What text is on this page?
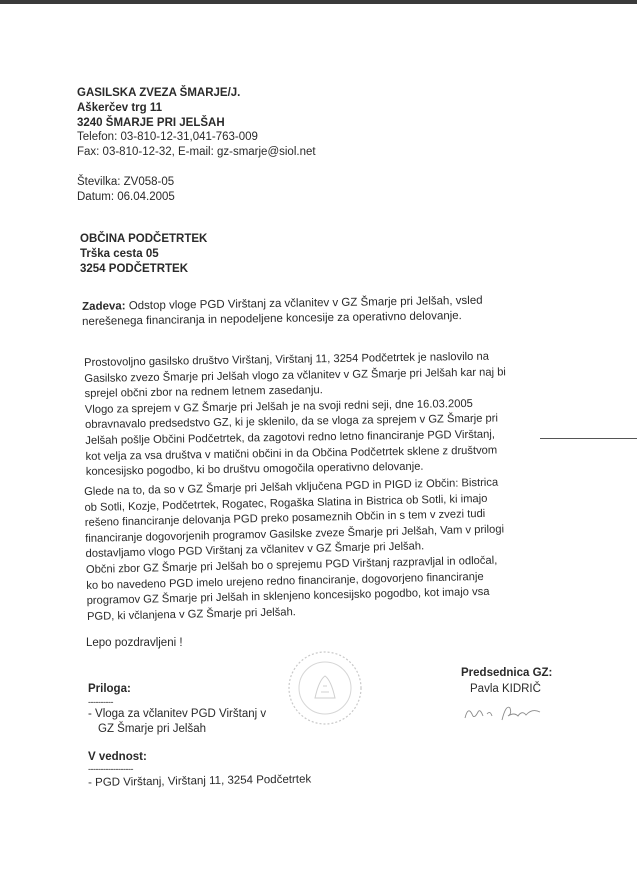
GASILSKA ZVEZA ŠMARJE/J.
Aškerčev trg 11
3240 ŠMARJE PRI JELŠAH
Telefon: 03-810-12-31,041-763-009
Fax: 03-810-12-32, E-mail: gz-smarje@siol.net
Številka: ZV058-05
Datum: 06.04.2005
OBČINA PODČETRTEK
Trška cesta 05
3254 PODČETRTEK
Zadeva: Odstop vloge PGD Virštanj za včlanitev v GZ Šmarje pri Jelšah, vsled
nerešenega financiranja in nepodeljene koncesije za operativno delovanje.

Prostovoljno gasilsko društvo Virštanj, Virštanj 11, 3254 Podčetrtek je naslovilo na

Gasilsko zvezo Šmarje pri Jelšah vlogo za včlanitev v GZ Šmarje pri Jelšah kar naj bi

sprejel občni zbor na rednem letnem zasedanju.

Vlogo za sprejem v GZ Šmarje pri Jelšah je na svoji redni seji, dne 16.03.2005

obravnavalo predsedstvo GZ, ki je sklenilo, da se vloga za sprejem v GZ Šmarje pri

Jelšah pošlje Občini Podčetrtek, da zagotovi redno letno financiranje PGD Virštanj,

kot velja za vsa društva v matični občini in da Občina Podčetrtek sklene z društvom

koncesijsko pogodbo, ki bo društvu omogočila operativno delovanje.

Glede na to, da so v GZ Šmarje pri Jelšah vključena PGD in PIGD iz Občin: Bistrica

ob Sotli, Kozje, Podčetrtek, Rogatec, Rogaška Slatina in Bistrica ob Sotli, ki imajo

rešeno financiranje delovanja PGD preko posameznih Občin in s tem v zvezi tudi

financiranje dogovorjenih programov Gasilske zveze Šmarje pri Jelšah, Vam v prilogi

dostavljamo vlogo PGD Virštanj za včlanitev v GZ Šmarje pri Jelšah.

Občni zbor GZ Šmarje pri Jelšah bo o sprejemu PGD Virštanj razpravljal in odločal,

ko bo navedeno PGD imelo urejeno redno financiranje, dogovorjeno financiranje

programov GZ Šmarje pri Jelšah in sklenjeno koncesijsko pogodbo, kot imajo vsa

PGD, ki včlanjena v GZ Šmarje pri Jelšah.

Lepo pozdravljeni !
Predsednica GZ:
Pavla KIDRIČ
Priloga:
----------
- Vloga za včlanitev PGD Virštanj v
GZ Šmarje pri Jelšah
V vednost:
------------------
- PGD Virštanj, Virštanj 11, 3254 Podčetrtek
